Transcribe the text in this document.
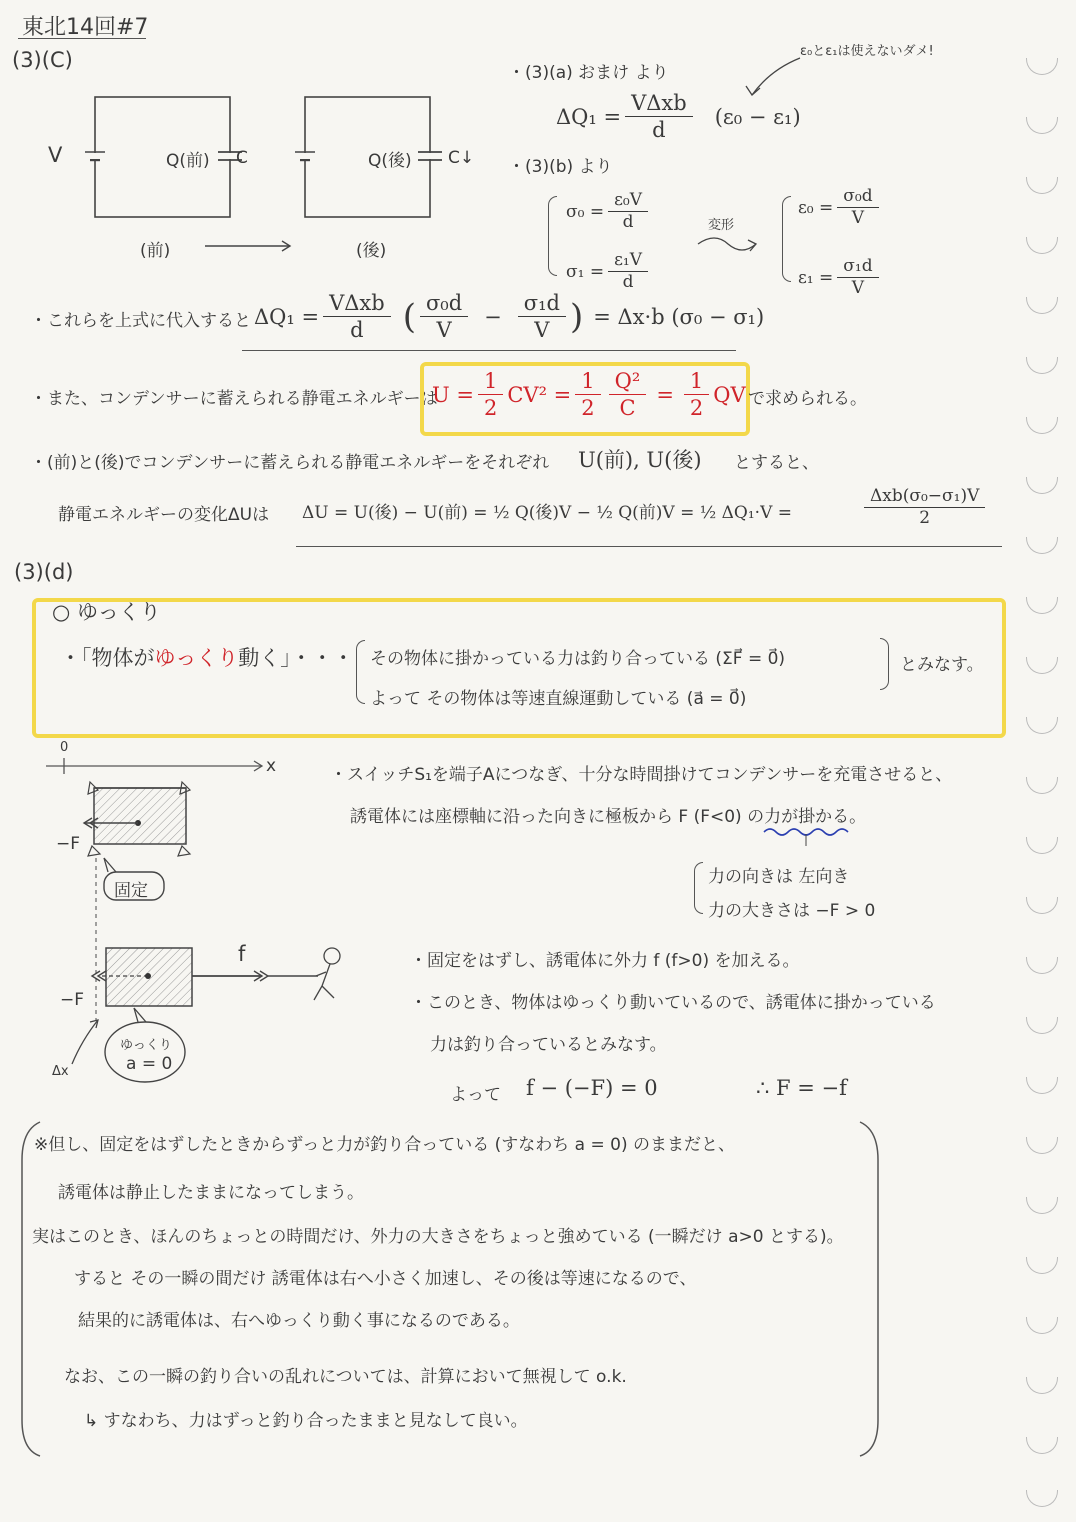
東北14回#7
(3)(C)
V	Q(前) C
(前)
Q(後) C↓
(後)
・(3)(a) おまけ より
ε₀とε₁は使えないダメ!
$\Delta Q_1 = \frac{\text{VΔxb}}{d} (\varepsilon_0 - \varepsilon_1)$
・(3)(b) より
$\sigma_0 = \frac{\text{ε₀V}}{d}$
$\sigma_1 = \frac{\text{ε₁V}}{d}$
変形
$\varepsilon_0 = \frac{\text{σ₀d}}{V}$
$\varepsilon_1 = \frac{\text{σ₁d}}{V}$
・これらを上式に代入すると $\Delta Q_1 = \frac{\text{VΔxb}}{d}$ ( $\frac{\text{σ₀d}}{V} - \frac{\text{σ₁d}}{V}$ ) = Δx·b (σ₀ − σ₁)
・また、コンデンサーに蓄えられる静電エネルギーは
$U = \frac{1}{2} CV^2 = \frac{1}{2} \frac{\text{Q²}}{C} = \frac{1}{2}$ QV で求められる。
・(前)と(後)でコンデンサーに蓄えられる静電エネルギーをそれぞれ U(前), U(後) とすると、
静電エネルギーの変化ΔUは ΔU = U(後) − U(前) = ½ Q(後)V − ½ Q(前)V = ½ ΔQ₁·V =	$\frac{\text{Δxb(σ₀−σ₁)V}}{2}$
(3)(d)
○ ゆっくり
・「物体がゆっくり動く」・・・ その物体に掛かっている力は釣り合っている (ΣF⃗ = 0⃗)
よって その物体は等速直線運動している (a⃗ = 0⃗)
とみなす。
0
x
−F
固定
f
−F
ゆっくり
a = 0
Δx
・スイッチS₁を端子Aにつなぎ、十分な時間掛けてコンデンサーを充電させると、
誘電体には座標軸に沿った向きに極板から F (F<0) の力が掛かる。
力の向きは 左向き
力の大きさは −F > 0
・固定をはずし、誘電体に外力 f (f>0) を加える。
・このとき、物体はゆっくり動いているので、誘電体に掛かっている
力は釣り合っているとみなす。
よって f − (−F) = 0	∴ F = −f
※但し、固定をはずしたときからずっと力が釣り合っている (すなわち a = 0) のままだと、
誘電体は静止したままになってしまう。
実はこのとき、ほんのちょっとの時間だけ、外力の大きさをちょっと強めている (一瞬だけ a>0 とする)。
すると その一瞬の間だけ 誘電体は右へ小さく加速し、その後は等速になるので、
結果的に誘電体は、右へゆっくり動く事になるのである。
なお、この一瞬の釣り合いの乱れについては、計算において無視して o.k.
↳ すなわち、力はずっと釣り合ったままと見なして良い。
